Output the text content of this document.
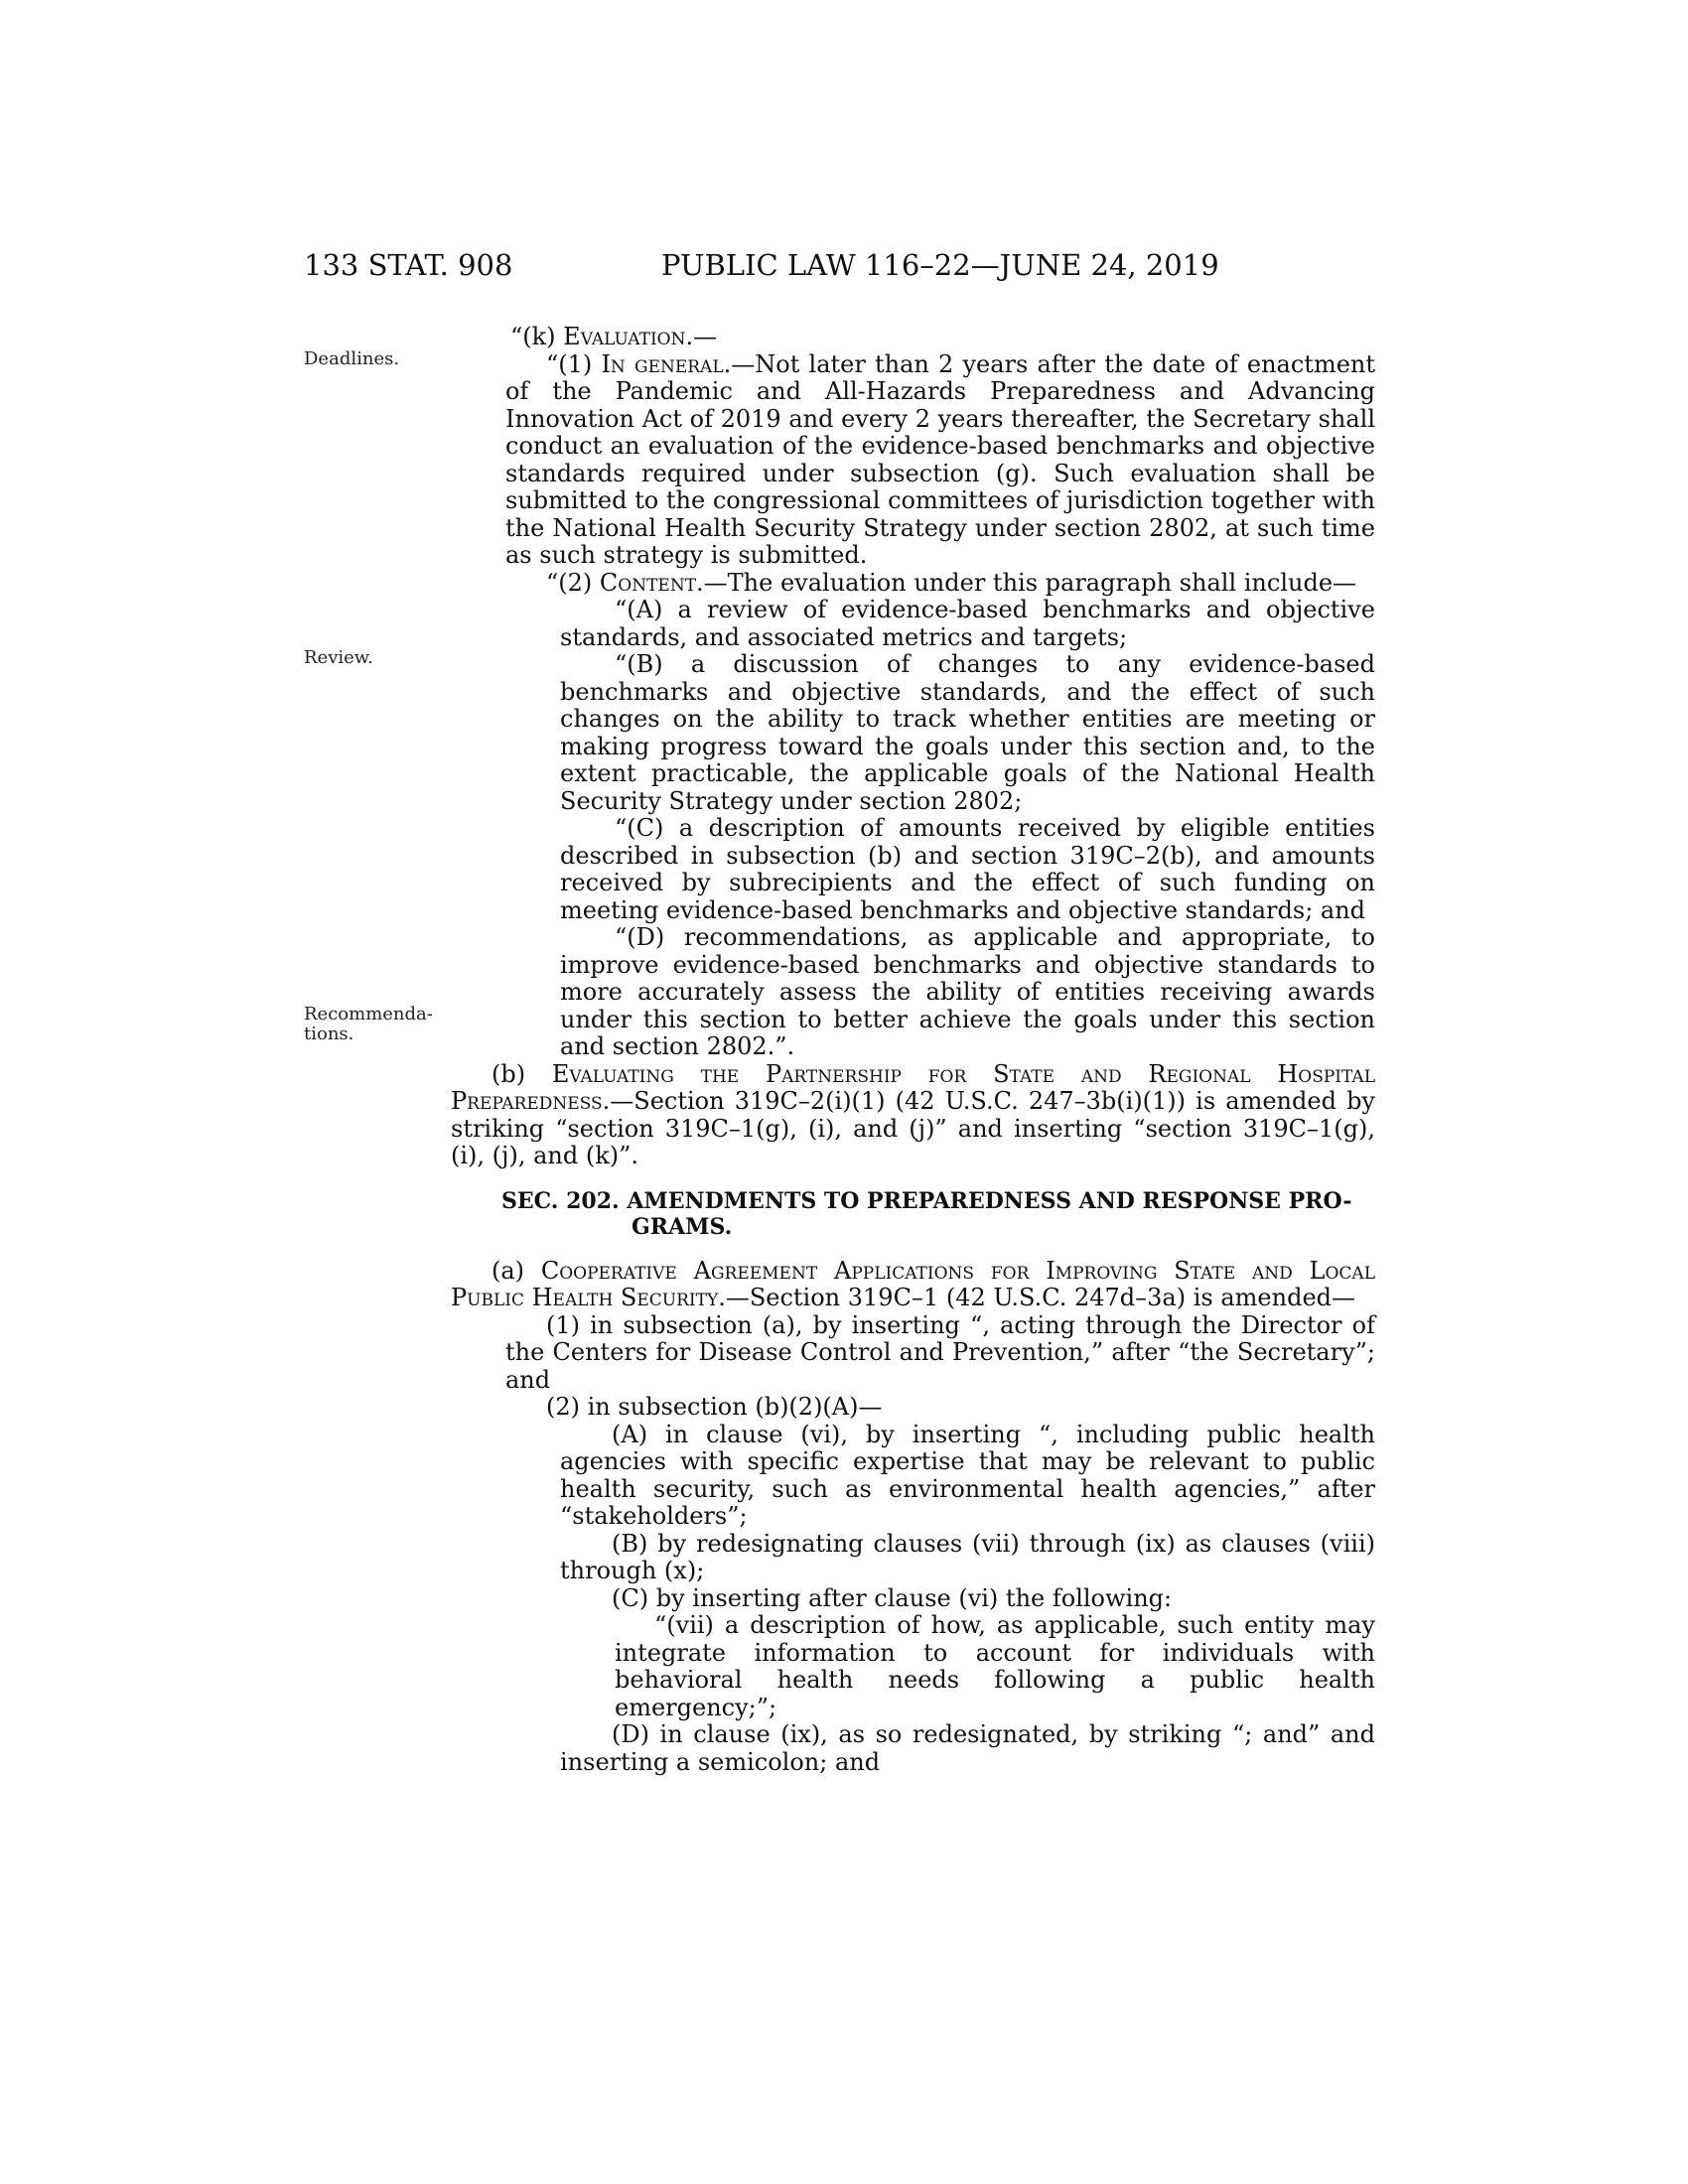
133 STAT. 908	PUBLIC LAW 116–22—JUNE 24, 2019
Deadlines.
Review.
Recommenda-
tions.

“(k) Evaluation.—

“(1) In general.—Not later than 2 years after the date of enactment of the Pandemic and All-Hazards Preparedness and Advancing Innovation Act of 2019 and every 2 years thereafter, the Secretary shall conduct an evaluation of the evidence-based benchmarks and objective standards required under subsection (g). Such evaluation shall be submitted to the congressional committees of jurisdiction together with the National Health Security Strategy under section 2802, at such time as such strategy is submitted.

“(2) Content.—The evaluation under this paragraph shall include—

“(A) a review of evidence-based benchmarks and objective standards, and associated metrics and targets;

“(B) a discussion of changes to any evidence-based benchmarks and objective standards, and the effect of such changes on the ability to track whether entities are meeting or making progress toward the goals under this section and, to the extent practicable, the applicable goals of the National Health Security Strategy under section 2802;

“(C) a description of amounts received by eligible entities described in subsection (b) and section 319C–2(b), and amounts received by subrecipients and the effect of such funding on meeting evidence-based benchmarks and objective standards; and

“(D) recommendations, as applicable and appropriate, to improve evidence-based benchmarks and objective standards to more accurately assess the ability of entities receiving awards under this section to better achieve the goals under this section and section 2802.”.

(b) Evaluating the Partnership for State and Regional Hospital Preparedness.—Section 319C–2(i)(1) (42 U.S.C. 247–3b(i)(1)) is amended by striking “section 319C–1(g), (i), and (j)” and inserting “section 319C–1(g), (i), (j), and (k)”.

SEC. 202. AMENDMENTS TO PREPAREDNESS AND RESPONSE PRO-
GRAMS.

(a) Cooperative Agreement Applications for Improving State and Local Public Health Security.—Section 319C–1 (42 U.S.C. 247d–3a) is amended—

(1) in subsection (a), by inserting “, acting through the Director of the Centers for Disease Control and Prevention,” after “the Secretary”; and

(2) in subsection (b)(2)(A)—

(A) in clause (vi), by inserting “, including public health agencies with specific expertise that may be relevant to public health security, such as environmental health agencies,” after “stakeholders”;

(B) by redesignating clauses (vii) through (ix) as clauses (viii) through (x);

(C) by inserting after clause (vi) the following:

“(vii) a description of how, as applicable, such entity may integrate information to account for individuals with behavioral health needs following a public health emergency;”;

(D) in clause (ix), as so redesignated, by striking “; and” and inserting a semicolon; and
